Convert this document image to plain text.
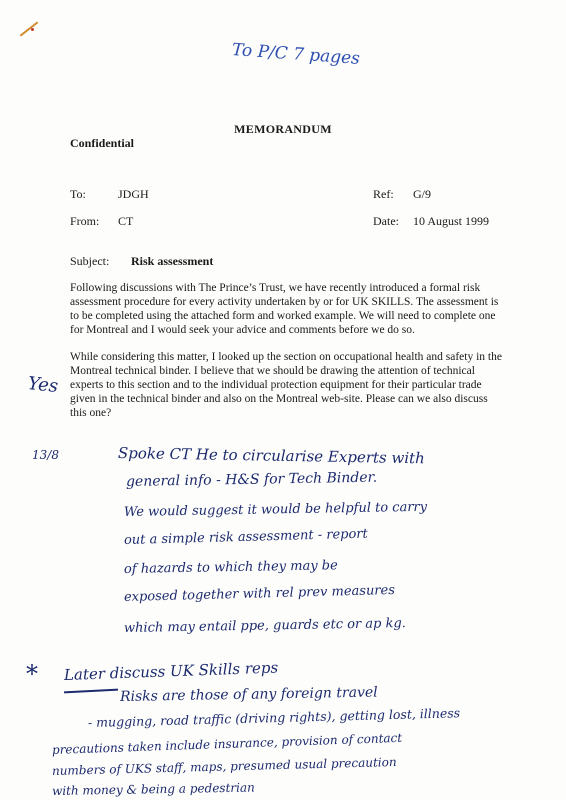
To P/C 7 pages
MEMORANDUM
Confidential
To:	JDGH	Ref: G/9
From: CT	Date: 10 August 1999
Subject: Risk assessment
Following discussions with The Prince’s Trust, we have recently introduced a formal risk
assessment procedure for every activity undertaken by or for UK SKILLS. The assessment is
to be completed using the attached form and worked example. We will need to complete one
for Montreal and I would seek your advice and comments before we do so.
While considering this matter, I looked up the section on occupational health and safety in the
Montreal technical binder. I believe that we should be drawing the attention of technical
experts to this section and to the individual protection equipment for their particular trade
given in the technical binder and also on the Montreal web-site. Please can we also discuss
this one?
Yes
13/8	Spoke CT He to circularise Experts with
general info - H&S for Tech Binder.
We would suggest it would be helpful to carry
out a simple risk assessment - report
of hazards to which they may be
exposed together with rel prev measures
which may entail ppe, guards etc or ap kg.
* Later discuss UK Skills reps
Risks are those of any foreign travel
- mugging, road traffic (driving rights), getting lost, illness
precautions taken include insurance, provision of contact
numbers of UKS staff, maps, presumed usual precaution
with money & being a pedestrian
